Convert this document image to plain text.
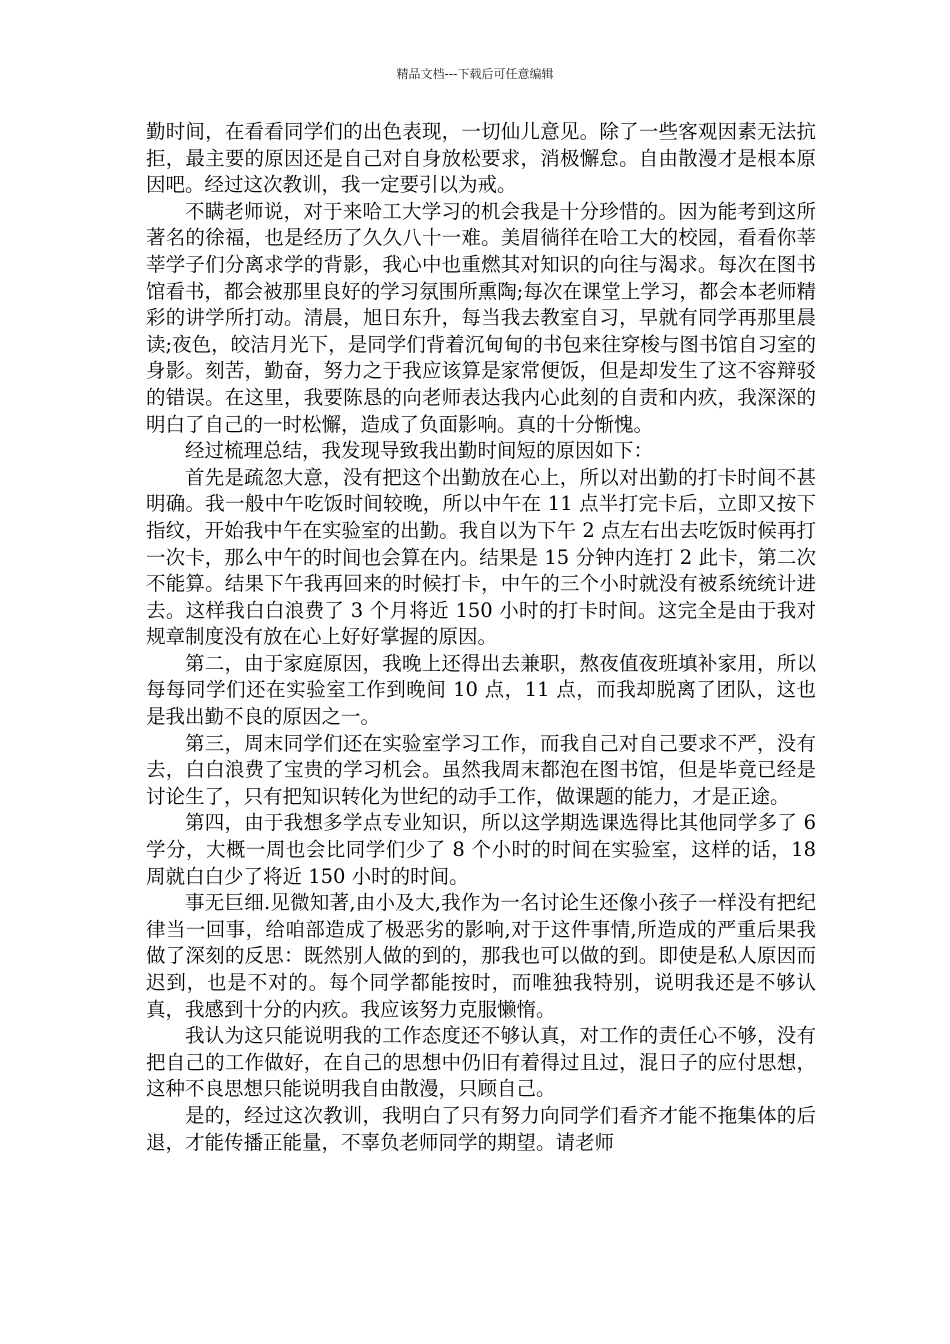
精品文档---下载后可任意编辑

勤时间，在看看同学们的出色表现，一切仙儿意见。除了一些客观因素无法抗拒，最主要的原因还是自己对自身放松要求，消极懈怠。自由散漫才是根本原因吧。经过这次教训，我一定要引以为戒。

不瞒老师说，对于来哈工大学习的机会我是十分珍惜的。因为能考到这所著名的徐福，也是经历了久久八十一难。美眉徜徉在哈工大的校园，看看你莘莘学子们分离求学的背影，我心中也重燃其对知识的向往与渴求。每次在图书馆看书，都会被那里良好的学习氛围所熏陶;每次在课堂上学习，都会本老师精彩的讲学所打动。清晨，旭日东升，每当我去教室自习，早就有同学再那里晨读;夜色，皎洁月光下，是同学们背着沉甸甸的书包来往穿梭与图书馆自习室的身影。刻苦，勤奋，努力之于我应该算是家常便饭，但是却发生了这不容辩驳的错误。在这里，我要陈恳的向老师表达我内心此刻的自责和内疚，我深深的明白了自己的一时松懈，造成了负面影响。真的十分惭愧。

经过梳理总结，我发现导致我出勤时间短的原因如下：

首先是疏忽大意，没有把这个出勤放在心上，所以对出勤的打卡时间不甚明确。我一般中午吃饭时间较晚，所以中午在 11 点半打完卡后，立即又按下指纹，开始我中午在实验室的出勤。我自以为下午 2 点左右出去吃饭时候再打一次卡，那么中午的时间也会算在内。结果是 15 分钟内连打 2 此卡，第二次不能算。结果下午我再回来的时候打卡，中午的三个小时就没有被系统统计进去。这样我白白浪费了 3 个月将近 150 小时的打卡时间。这完全是由于我对规章制度没有放在心上好好掌握的原因。

第二，由于家庭原因，我晚上还得出去兼职，熬夜值夜班填补家用，所以每每同学们还在实验室工作到晚间 10 点，11 点，而我却脱离了团队，这也是我出勤不良的原因之一。

第三，周末同学们还在实验室学习工作，而我自己对自己要求不严，没有去，白白浪费了宝贵的学习机会。虽然我周末都泡在图书馆，但是毕竟已经是讨论生了，只有把知识转化为世纪的动手工作，做课题的能力，才是正途。

第四，由于我想多学点专业知识，所以这学期选课选得比其他同学多了 6 学分，大概一周也会比同学们少了 8 个小时的时间在实验室，这样的话，18 周就白白少了将近 150 小时的时间。

事无巨细.见微知著,由小及大,我作为一名讨论生还像小孩子一样没有把纪律当一回事，给咱部造成了极恶劣的影响,对于这件事情,所造成的严重后果我做了深刻的反思：既然别人做的到的，那我也可以做的到。即使是私人原因而迟到，也是不对的。每个同学都能按时，而唯独我特别，说明我还是不够认真，我感到十分的内疚。我应该努力克服懒惰。

我认为这只能说明我的工作态度还不够认真，对工作的责任心不够，没有把自己的工作做好，在自己的思想中仍旧有着得过且过，混日子的应付思想，这种不良思想只能说明我自由散漫，只顾自己。

是的，经过这次教训，我明白了只有努力向同学们看齐才能不拖集体的后退，才能传播正能量，不辜负老师同学的期望。请老师
